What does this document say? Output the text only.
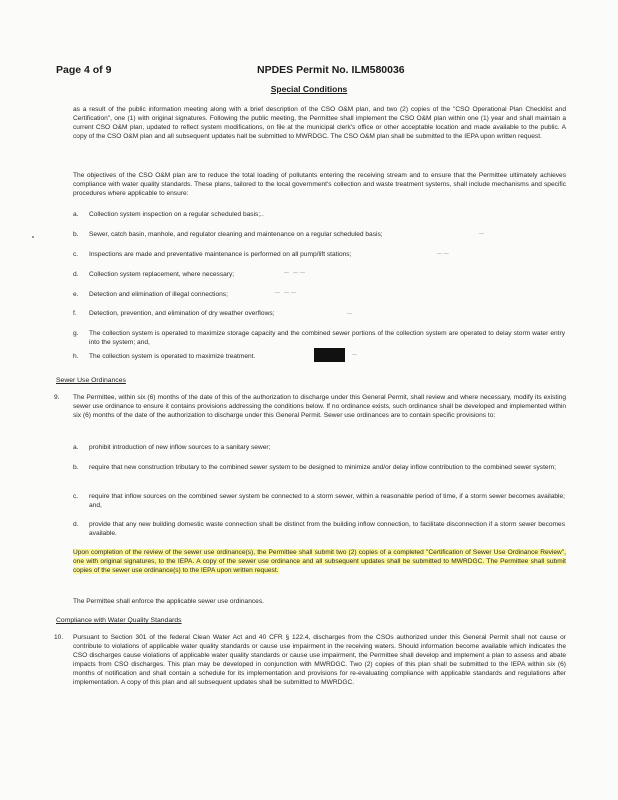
Page 4 of 9	NPDES Permit No. ILM580036
Special Conditions
as a result of the public information meeting along with a brief description of the CSO O&M plan, and two (2) copies of the "CSO Operational Plan Checklist and Certification", one (1) with original signatures. Following the public meeting, the Permittee shall implement the CSO O&M plan within one (1) year and shall maintain a current CSO O&M plan, updated to reflect system modifications, on file at the municipal clerk's office or other acceptable location and made available to the public. A copy of the CSO O&M plan and all subsequent updates hall be submitted to MWRDGC. The CSO O&M plan shall be submitted to the IEPA upon written request.
The objectives of the CSO O&M plan are to reduce the total loading of pollutants entering the receiving stream and to ensure that the Permittee ultimately achieves compliance with water quality standards. These plans, tailored to the local government's collection and waste treatment systems, shall include mechanisms and specific procedures where applicable to ensure:
a. Collection system inspection on a regular scheduled basis;
b. Sewer, catch basin, manhole, and regulator cleaning and maintenance on a regular scheduled basis;
c. Inspections are made and preventative maintenance is performed on all pump/lift stations;
d. Collection system replacement, where necessary;
e. Detection and elimination of illegal connections;
f. Detection, prevention, and elimination of dry weather overflows;
g. The collection system is operated to maximize storage capacity and the combined sewer portions of the collection system are operated to delay storm water entry into the system; and,
h. The collection system is operated to maximize treatment.
Sewer Use Ordinances
9. The Permittee, within six (6) months of the date of this of the authorization to discharge under this General Permit, shall review and where necessary, modify its existing sewer use ordinance to ensure it contains provisions addressing the conditions below. If no ordinance exists, such ordinance shall be developed and implemented within six (6) months of the date of the authorization to discharge under this General Permit. Sewer use ordinances are to contain specific provisions to:
a. prohibit introduction of new inflow sources to a sanitary sewer;
b. require that new construction tributary to the combined sewer system to be designed to minimize and/or delay inflow contribution to the combined sewer system;
c. require that inflow sources on the combined sewer system be connected to a storm sewer, within a reasonable period of time, if a storm sewer becomes available; and,
d. provide that any new building domestic waste connection shall be distinct from the building inflow connection, to facilitate disconnection if a storm sewer becomes available.
Upon completion of the review of the sewer use ordinance(s), the Permittee shall submit two (2) copies of a completed "Certification of Sewer Use Ordinance Review", one with original signatures, to the IEPA. A copy of the sewer use ordinance and all subsequent updates shall be submitted to MWRDGC. The Permittee shall submit copies of the sewer use ordinance(s) to the IEPA upon written request.
The Permittee shall enforce the applicable sewer use ordinances.
Compliance with Water Quality Standards
10. Pursuant to Section 301 of the federal Clean Water Act and 40 CFR § 122.4, discharges from the CSOs authorized under this General Permit shall not cause or contribute to violations of applicable water quality standards or cause use impairment in the receiving waters. Should information become available which indicates the CSO discharges cause violations of applicable water quality standards or cause use impairment, the Permittee shall develop and implement a plan to assess and abate impacts from CSO discharges. This plan may be developed in conjunction with MWRDGC. Two (2) copies of this plan shall be submitted to the IEPA within six (6) months of notification and shall contain a schedule for its implementation and provisions for re-evaluating compliance with applicable standards and regulations after implementation. A copy of this plan and all subsequent updates shall be submitted to MWRDGC.
~
~
~~
~ ~~
~ ~~
~
~
